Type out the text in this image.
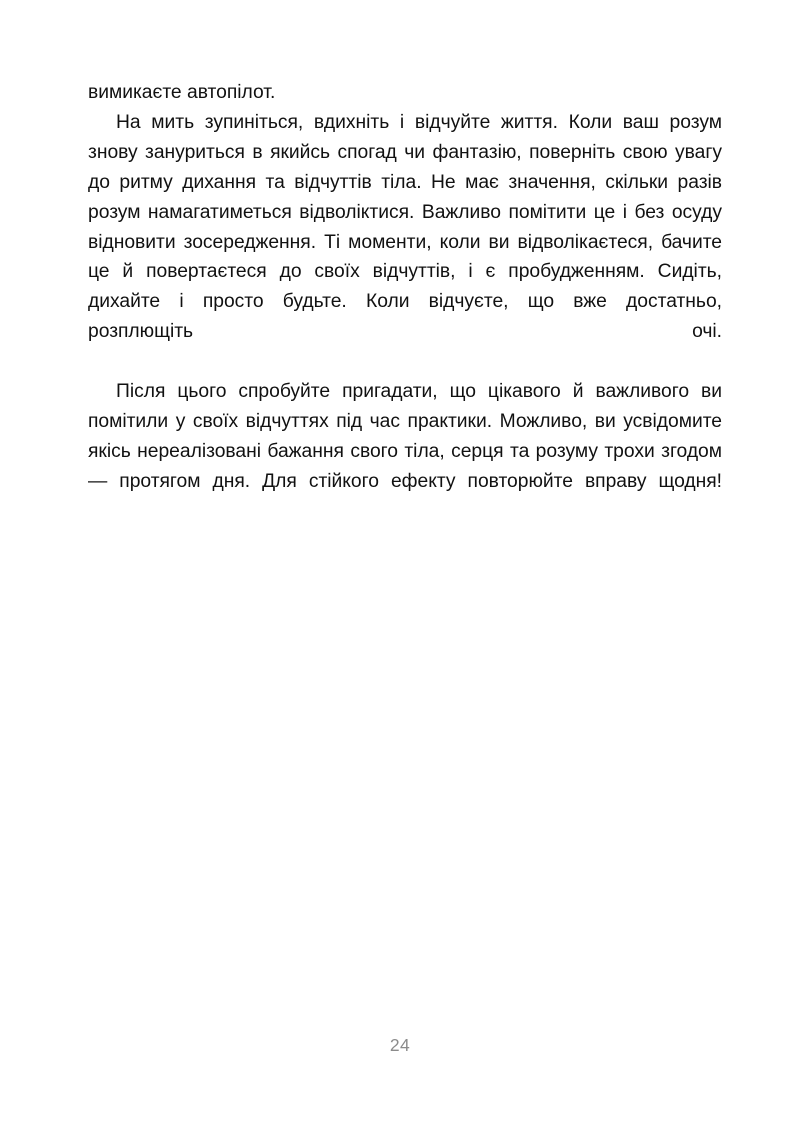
вимикаєте автопілот.

На мить зупиніться, вдихніть і відчуйте життя. Коли ваш розум знову зануриться в якийсь спогад чи фантазію, поверніть свою увагу до ритму дихання та відчуттів тіла. Не має значення, скільки разів розум намагатиметься відволіктися. Важливо помітити це і без осуду відновити зосередження. Ті моменти, коли ви відволікаєтеся, бачите це й повертаєтеся до своїх відчуттів, і є пробудженням. Сидіть, дихайте і просто будьте. Коли відчуєте, що вже достатньо, розплющіть очі.

Після цього спробуйте пригадати, що цікавого й важливого ви помітили у своїх відчуттях під час практики. Можливо, ви усвідомите якісь нереалізовані бажання свого тіла, серця та розуму трохи згодом — протягом дня. Для стійкого ефекту повторюйте вправу щодня!

24
